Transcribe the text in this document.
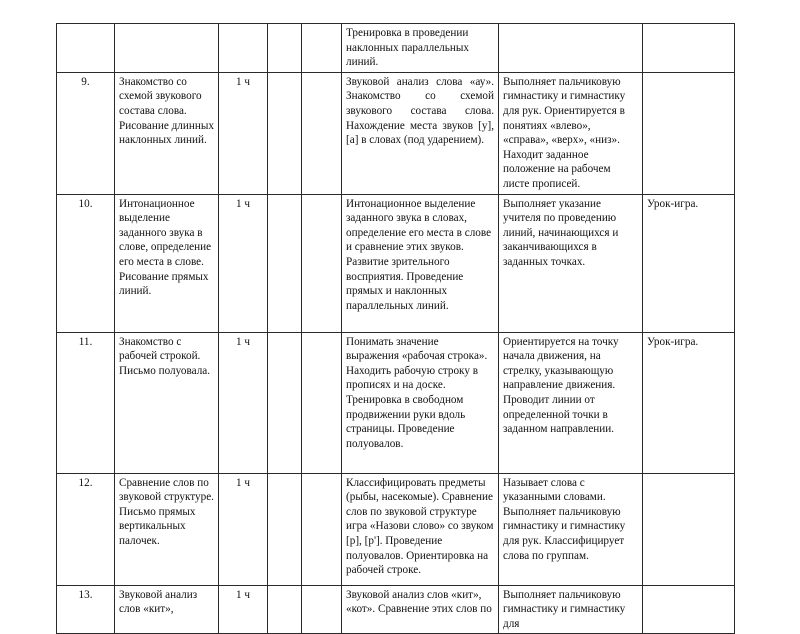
					Тренировка в проведении наклонных параллельных линий.		
9.	Знакомство со схемой звукового состава слова. Рисование длинных наклонных линий.	1 ч			Звуковой анализ слова «ау». Знакомство со схемой звукового состава слова. Нахождение места звуков [у], [а] в словах (под ударением).	Выполняет пальчиковую гимнастику и гимнастику для рук. Ориентируется в понятиях «влево», «справа», «верх», «низ». Находит заданное положение на рабочем листе прописей.	
10.	Интонационное выделение заданного звука в слове, определение его места в слове. Рисование прямых линий.	1 ч			Интонационное выделение заданного звука в словах, определение его места в слове и сравнение этих звуков. Развитие зрительного восприятия. Проведение прямых и наклонных параллельных линий.	Выполняет указание учителя по проведению линий, начинающихся и заканчивающихся в заданных точках.	Урок-игра.
11.	Знакомство с рабочей строкой. Письмо полуовала.	1 ч			Понимать значение выражения «рабочая строка». Находить рабочую строку в прописях и на доске. Тренировка в свободном продвижении руки вдоль страницы. Проведение полуовалов.	Ориентируется на точку начала движения, на стрелку, указывающую направление движения. Проводит линии от определенной точки в заданном направлении.	Урок-игра.
12.	Сравнение слов по звуковой структуре. Письмо прямых вертикальных палочек.	1 ч			Классифицировать предметы (рыбы, насекомые). Сравнение слов по звуковой структуре игра «Назови слово» со звуком [р], [р']. Проведение полуовалов. Ориентировка на рабочей строке.	Называет слова с указанными словами. Выполняет пальчиковую гимнастику и гимнастику для рук. Классифицирует слова по группам.	
13.	Звуковой анализ слов «кит»,	1 ч			Звуковой анализ слов «кит», «кот». Сравнение этих слов по	Выполняет пальчиковую гимнастику и гимнастику для	
